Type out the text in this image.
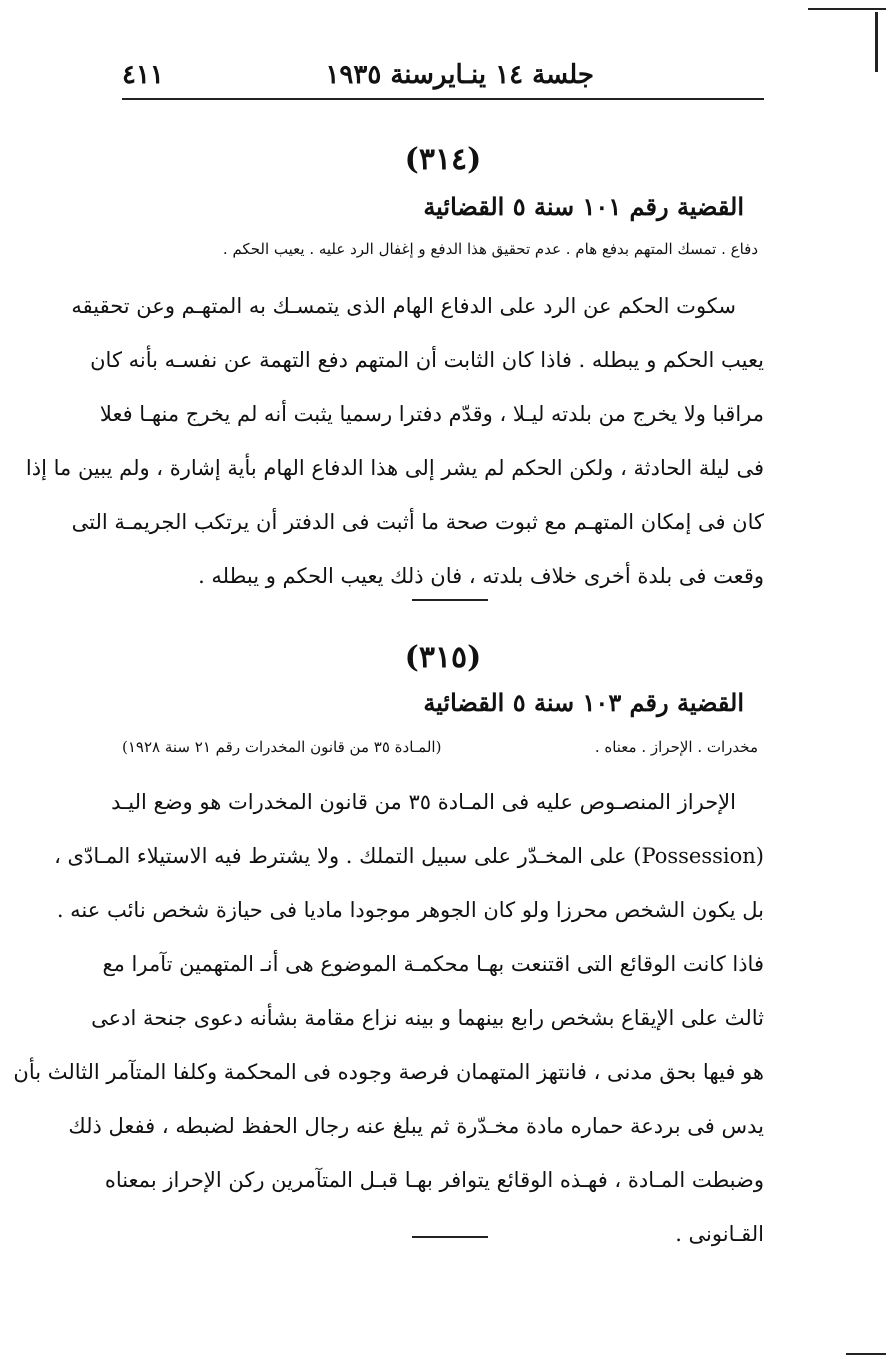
جلسة ١٤ ينـايرسنة ١٩٣٥
٤١١
(٣١٤)
القضية رقم ١٠١ سنة ٥ القضائية
دفاع . تمسك المتهم بدفع هام . عدم تحقيق هذا الدفع و إغفال الرد عليه . يعيب الحكم .
سكوت الحكم عن الرد على الدفاع الهام الذى يتمسـك به المتهـم وعن تحقيقه
يعيب الحكم و يبطله . فاذا كان الثابت أن المتهم دفع التهمة عن نفسـه بأنه كان
مراقبا ولا يخرج من بلدته ليـلا ، وقدّم دفترا رسميا يثبت أنه لم يخرج منهـا فعلا
فى ليلة الحادثة ، ولكن الحكم لم يشر إلى هذا الدفاع الهام بأية إشارة ، ولم يبين ما إذا
كان فى إمكان المتهـم مع ثبوت صحة ما أثبت فى الدفتر أن يرتكب الجريمـة التى
وقعت فى بلدة أخرى خلاف بلدته ، فان ذلك يعيب الحكم و يبطله .
(٣١٥)
القضية رقم ١٠٣ سنة ٥ القضائية
مخدرات . الإحراز . معناه .
(المـادة ٣٥ من قانون المخدرات رقم ٢١ سنة ١٩٢٨)
الإحراز المنصـوص عليه فى المـادة ٣٥ من قانون المخدرات هو وضع اليـد
(Possession) على المخـدّر على سبيل التملك . ولا يشترط فيه الاستيلاء المـادّى ،
بل يكون الشخص محرزا ولو كان الجوهر موجودا ماديا فى حيازة شخص نائب عنه .
فاذا كانت الوقائع التى اقتنعت بهـا محكمـة الموضوع هى أنـ المتهمين تآمرا مع
ثالث على الإيقاع بشخص رابع بينهما و بينه نزاع مقامة بشأنه دعوى جنحة ادعى
هو فيها بحق مدنى ، فانتهز المتهمان فرصة وجوده فى المحكمة وكلفا المتآمر الثالث بأن
يدس فى بردعة حماره مادة مخـدّرة ثم يبلغ عنه رجال الحفظ لضبطه ، ففعل ذلك
وضبطت المـادة ، فهـذه الوقائع يتوافر بهـا قبـل المتآمرين ركن الإحراز بمعناه
القـانونى .
